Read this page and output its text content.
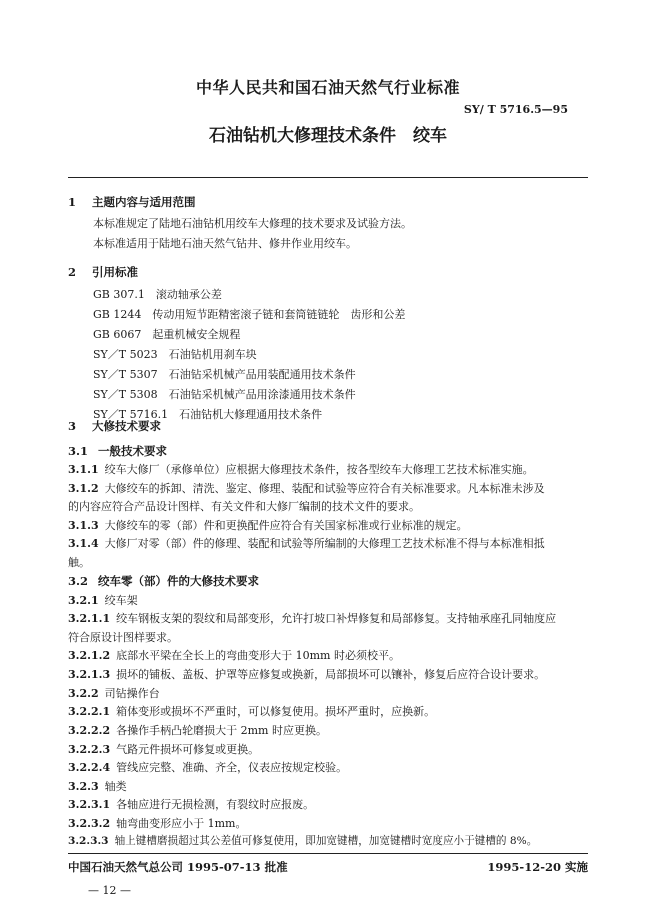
中华人民共和国石油天然气行业标准
SY/ T 5716.5—95
石油钻机大修理技术条件　绞车
1 主题内容与适用范围
本标准规定了陆地石油钻机用绞车大修理的技术要求及试验方法。
本标准适用于陆地石油天然气钻井、修井作业用绞车。
2 引用标准
GB 307.1　滚动轴承公差
GB 1244　传动用短节距精密滚子链和套筒链链轮　齿形和公差
GB 6067　起重机械安全规程
SY／T 5023　石油钻机用刹车块
SY／T 5307　石油钻采机械产品用装配通用技术条件
SY／T 5308　石油钻采机械产品用涂漆通用技术条件
SY／T 5716.1　石油钻机大修理通用技术条件
3 大修技术要求
3.1 一般技术要求
3.1.1 绞车大修厂（承修单位）应根据大修理技术条件，按各型绞车大修理工艺技术标准实施。
3.1.2 大修绞车的拆卸、清洗、鉴定、修理、装配和试验等应符合有关标准要求。凡本标准未涉及
的内容应符合产品设计图样、有关文件和大修厂编制的技术文件的要求。
3.1.3 大修绞车的零（部）件和更换配件应符合有关国家标准或行业标准的规定。
3.1.4 大修厂对零（部）件的修理、装配和试验等所编制的大修理工艺技术标准不得与本标准相抵
触。
3.2 绞车零（部）件的大修技术要求
3.2.1 绞车架
3.2.1.1 绞车钢板支架的裂纹和局部变形，允许打坡口补焊修复和局部修复。支持轴承座孔同轴度应
符合原设计图样要求。
3.2.1.2 底部水平梁在全长上的弯曲变形大于 10mm 时必须校平。
3.2.1.3 损坏的铺板、盖板、护罩等应修复或换新，局部损坏可以镶补，修复后应符合设计要求。
3.2.2 司钻操作台
3.2.2.1 箱体变形或损坏不严重时，可以修复使用。损坏严重时，应换新。
3.2.2.2 各操作手柄凸轮磨损大于 2mm 时应更换。
3.2.2.3 气路元件损坏可修复或更换。
3.2.2.4 管线应完整、准确、齐全，仪表应按规定校验。
3.2.3 轴类
3.2.3.1 各轴应进行无损检测，有裂纹时应报废。
3.2.3.2 轴弯曲变形应小于 1mm。
3.2.3.3 轴上键槽磨损超过其公差值可修复使用，即加宽键槽，加宽键槽时宽度应小于键槽的 8%。
中国石油天然气总公司 1995-07-13 批准	1995-12-20 实施
— 12 —
